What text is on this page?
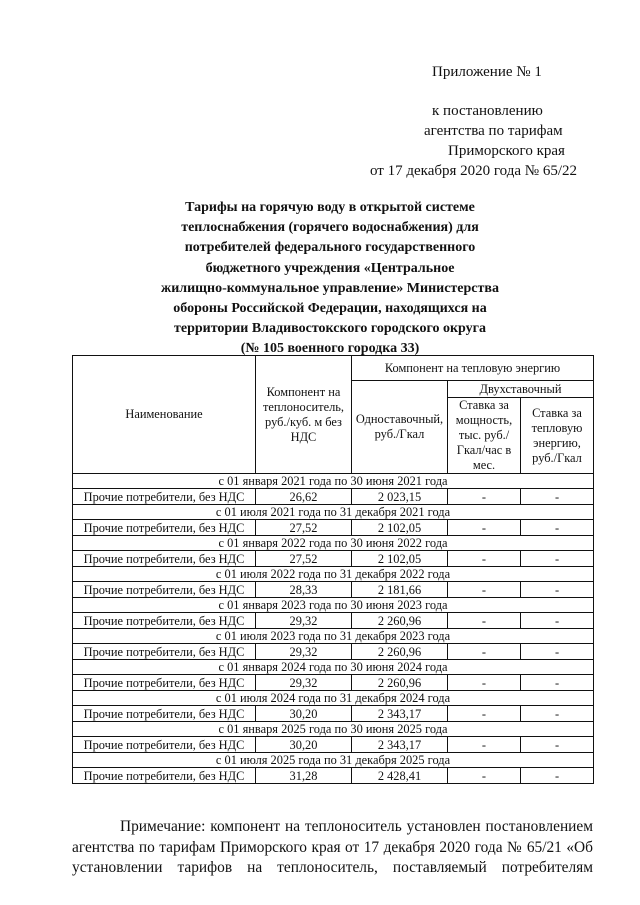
Приложение № 1
к постановлению
агентства по тарифам
Приморского края
от 17 декабря 2020 года № 65/22
Тарифы на горячую воду в открытой системе
теплоснабжения (горячего водоснабжения) для
потребителей федерального государственного
бюджетного учреждения «Центральное
жилищно-коммунальное управление» Министерства
обороны Российской Федерации, находящихся на
территории Владивостокского городского округа
(№ 105 военного городка 33)
Наименование	Компонент на теплоноситель, руб./куб. м без НДС	Компонент на тепловую энергию		
		Одноставочный, руб./Гкал	Двухставочный	
			Ставка за мощность, тыс. руб./Гкал/час в мес.	Ставка за тепловую энергию, руб./Гкал
с 01 января 2021 года по 30 июня 2021 года				
Прочие потребители, без НДС	26,62	2 023,15	-	-
с 01 июля 2021 года по 31 декабря 2021 года				
Прочие потребители, без НДС	27,52	2 102,05	-	-
с 01 января 2022 года по 30 июня 2022 года				
Прочие потребители, без НДС	27,52	2 102,05	-	-
с 01 июля 2022 года по 31 декабря 2022 года				
Прочие потребители, без НДС	28,33	2 181,66	-	-
с 01 января 2023 года по 30 июня 2023 года				
Прочие потребители, без НДС	29,32	2 260,96	-	-
с 01 июля 2023 года по 31 декабря 2023 года				
Прочие потребители, без НДС	29,32	2 260,96	-	-
с 01 января 2024 года по 30 июня 2024 года				
Прочие потребители, без НДС	29,32	2 260,96	-	-
с 01 июля 2024 года по 31 декабря 2024 года				
Прочие потребители, без НДС	30,20	2 343,17	-	-
с 01 января 2025 года по 30 июня 2025 года				
Прочие потребители, без НДС	30,20	2 343,17	-	-
с 01 июля 2025 года по 31 декабря 2025 года				
Прочие потребители, без НДС	31,28	2 428,41	-	-
Примечание: компонент на теплоноситель установлен постановлением
агентства по тарифам Приморского края от 17 декабря 2020 года № 65/21 «Об
установлении тарифов на теплоноситель, поставляемый потребителям
